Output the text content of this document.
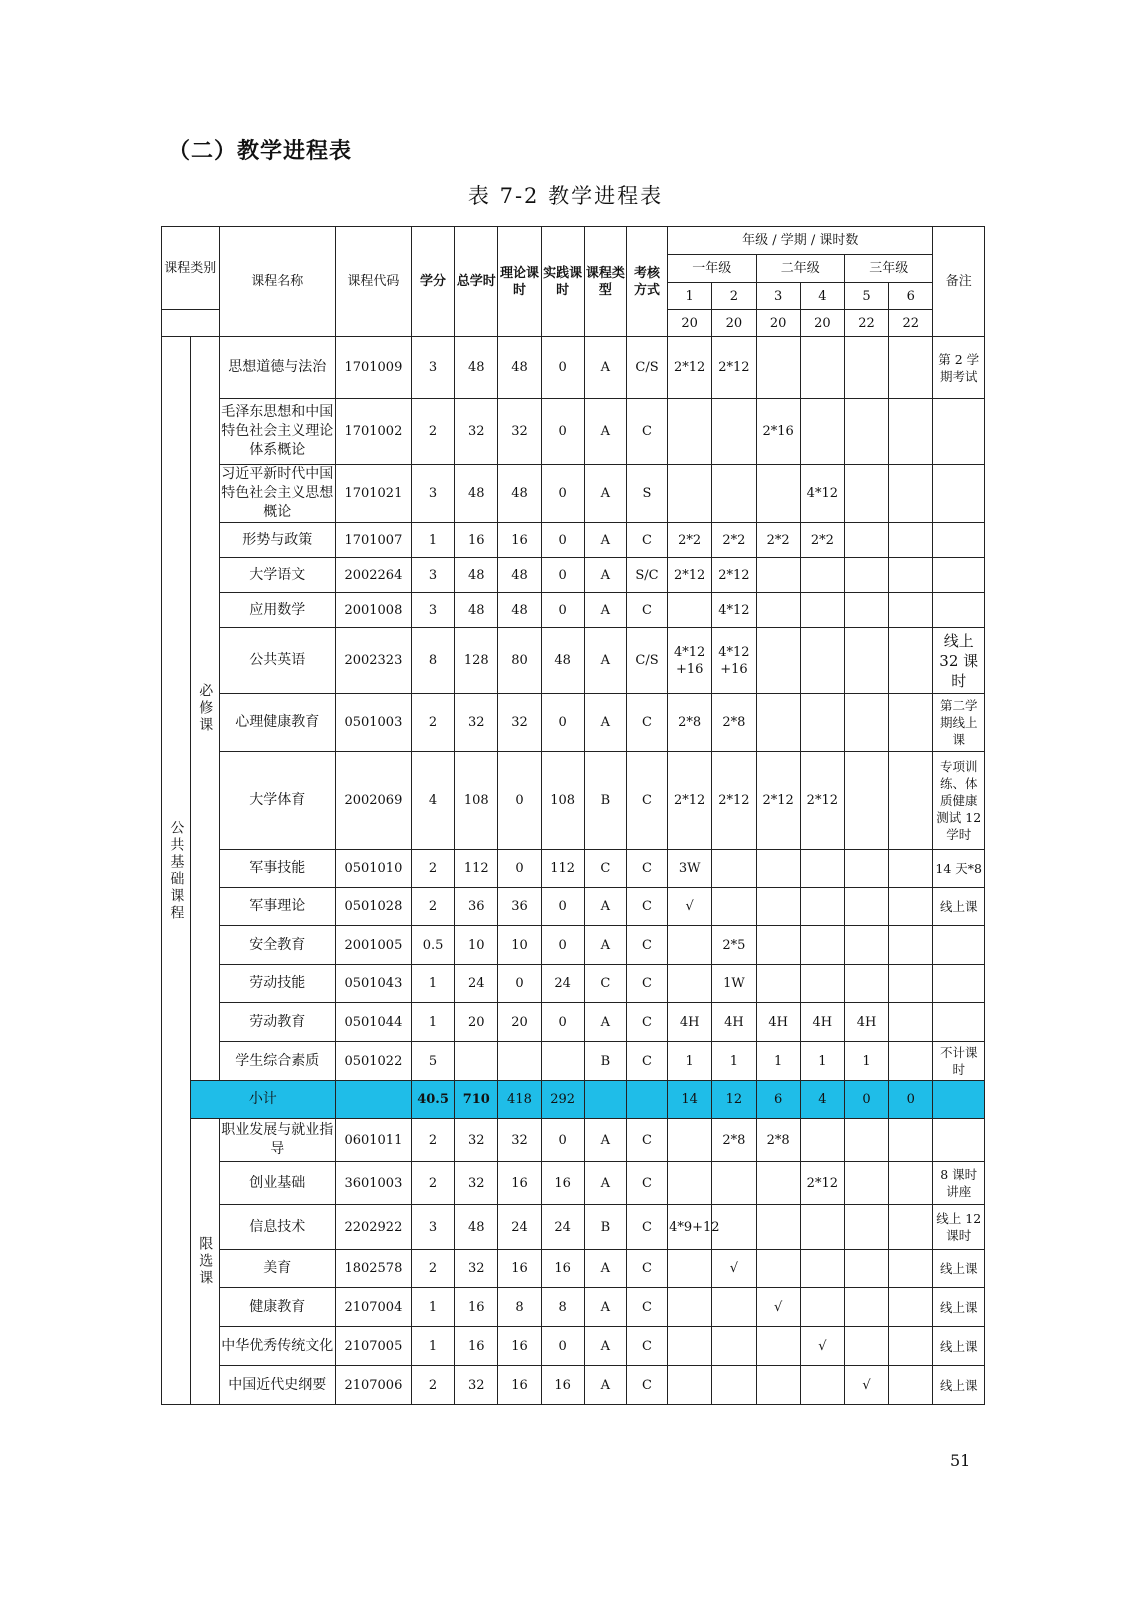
（二）教学进程表
表 7-2 教学进程表
课程类别		课程名称	课程代码	学分	总学时	理论课时	实践课时	课程类型	考核方式	年级 / 学期 / 课时数						备注
										一年级		二年级		三年级		
										1	2	3	4	5	6	
										20	20	20	20	22	22	

公共基础课程	必修课	思想道德与法治	1701009	3	48	48	0	A	C/S	2*12	2*12					第 2 学期考试
		毛泽东思想和中国特色社会主义理论体系概论	1701002	2	32	32	0	A	C			2*16				
		习近平新时代中国特色社会主义思想概论	1701021	3	48	48	0	A	S				4*12			
		形势与政策	1701007	1	16	16	0	A	C	2*2	2*2	2*2	2*2			
		大学语文	2002264	3	48	48	0	A	S/C	2*12	2*12					
		应用数学	2001008	3	48	48	0	A	C		4*12					
		公共英语	2002323	8	128	80	48	A	C/S	4*12 +16	4*12 +16					线上 32 课时
		心理健康教育	0501003	2	32	32	0	A	C	2*8	2*8					第二学期线上课
		大学体育	2002069	4	108	0	108	B	C	2*12	2*12	2*12	2*12			专项训练、体质健康测试 12 学时
		军事技能	0501010	2	112	0	112	C	C	3W						14 天*8
		军事理论	0501028	2	36	36	0	A	C	√						线上课
		安全教育	2001005	0.5	10	10	0	A	C		2*5					
		劳动技能	0501043	1	24	0	24	C	C		1W					
		劳动教育	0501044	1	20	20	0	A	C	4H	4H	4H	4H	4H		
		学生综合素质	0501022	5				B	C	1	1	1	1	1		不计课时
	小计			40.5	710	418	292			14	12	6	4	0	0	

	限选课	职业发展与就业指导	0601011	2	32	32	0	A	C		2*8	2*8				
		创业基础	3601003	2	32	16	16	A	C				2*12			8 课时讲座
		信息技术	2202922	3	48	24	24	B	C	4*9+12						线上 12 课时
		美育	1802578	2	32	16	16	A	C		√					线上课
		健康教育	2107004	1	16	8	8	A	C			√				线上课
		中华优秀传统文化	2107005	1	16	16	0	A	C				√			线上课
		中国近代史纲要	2107006	2	32	16	16	A	C					√		线上课
51
